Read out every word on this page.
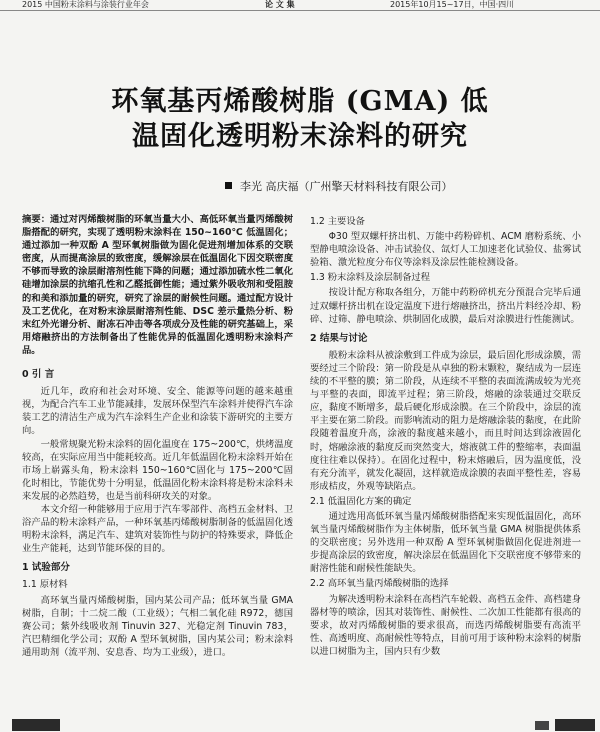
2015 中国粉末涂料与涂装行业年会	论 文 集	2015年10月15~17日，中国·四川
环氧基丙烯酸树脂 (GMA) 低
温固化透明粉末涂料的研究
李光 高庆福（广州擎天材料科技有限公司）

摘要：通过对丙烯酸树脂的环氧当量大小、高低环氧当量丙烯酸树脂搭配的研究，实现了透明粉末涂料在 150~160℃ 低温固化；通过添加一种双酚 A 型环氧树脂做为固化促进剂增加体系的交联密度，从而提高涂层的致密度，缓解涂层在低温固化下因交联密度不够而导致的涂层耐溶剂性能下降的问题；通过添加硫水性二氧化硅增加涂层的抗缩孔性和乙醛抵御性能；通过紫外吸收剂和受阻胺的和美和添加量的研究，研究了涂层的耐候性问题。通过配方设计及工艺优化，在对粉末涂层耐溶剂性能、DSC 差示量热分析、粉末红外光谱分析、耐冻石冲击等各项成分及性能的研究基础上，采用熔融挤出的方法制备出了性能优异的低温固化透明粉末涂料产品。

0 引 言

近几年，政府和社会对环境、安全、能源等问题的越来越重视，为配合汽车工业节能减排，发展环保型汽车涂料并使得汽车涂装工艺的清洁生产成为汽车涂料生产企业和涂装下游研究的主要方向。

一般常规聚光粉末涂料的固化温度在 175~200℃，烘烤温度较高，在实际应用当中能耗较高。近几年低温固化粉末涂料开始在市场上崭露头角，粉末涂料 150~160℃固化与 175~200℃固化时相比，节能优势十分明显，低温固化粉末涂料将是粉末涂料未来发展的必然趋势，也是当前科研攻关的对象。

本文介绍一种能够用于应用于汽车零部件、高档五金材料、卫浴产品的粉末涂料产品，一种环氧基丙烯酸树脂制备的低温固化透明粉末涂料，满足汽车、建筑对装饰性与防护的特殊要求，降低企业生产能耗，达到节能环保的目的。

1 试验部分

1.1 原材料

高环氧当量丙烯酸树脂，国内某公司产品；低环氧当量 GMA 树脂，自制；十二烷二酸（工业级）；气相二氧化硅 R972，德国赛公司；紫外线吸收剂 Tinuvin 327、光稳定剂 Tinuvin 783，汽巴精细化学公司；双酚 A 型环氧树脂，国内某公司；粉末涂料通用助剂（流平剂、安息香、均为工业级），进口。

1.2 主要设备

Φ30 型双螺杆挤出机、万能中药粉碎机、ACM 磨粉系统、小型静电喷涂设备、冲击试验仪、氙灯人工加速老化试验仪、盐雾试验箱、激光粒度分布仪等涂料及涂层性能检测设备。

1.3 粉末涂料及涂层制备过程

按设计配方称取各组分，万能中药粉碎机充分预混合完毕后通过双螺杆挤出机在设定温度下进行熔融挤出，挤出片料经冷却、粉碎、过筛、静电喷涂、烘制固化成膜，最后对涂膜进行性能测试。

2 结果与讨论

般粉末涂料从被涂敷到工件成为涂层，最后固化形成涂膜，需要经过三个阶段：第一阶段是从卓独的粉末颗粒，聚结成为一层连续的不平整的膜；第二阶段，从连续不平整的表面流满成较为光亮与平整的表面，即流平过程；第三阶段，熔融的涂装通过交联反应，黏度不断增多，最后硬化形成涂膜。在三个阶段中，涂层的流平主要在第二阶段。而影响流动的阻力是熔融涂装的黏度，在此阶段随着温度升高，涂液的黏度越来越小，而且时间达到涂液固化时，熔融涂液的黏度反而突然变大，熔液就工件的整缩率，表面温度往往难以保持）。在固化过程中，粉末熔融后，因为温度低，没有充分流平，就发化凝固，这样就造成涂膜的表面平整性差，容易形成桔皮，外观等缺陷点。

2.1 低温固化方案的确定

通过选用高低环氧当量丙烯酸树脂搭配来实现低温固化，高环氧当量丙烯酸树脂作为主体树脂，低环氧当量 GMA 树脂提供体系的交联密度；另外选用一种双酚 A 型环氧树脂做固化促进剂进一步提高涂层的致密度，解决涂层在低温固化下交联密度不够带来的耐溶性能和耐候性能缺失。

2.2 高环氧当量丙烯酸树脂的选择

为解决透明粉末涂料在高档汽车轮毂、高档五金件、高档建身器材等的喷涂，因其对装饰性、耐候性、二次加工性能都有很高的要求，故对丙烯酸树脂的要求很高，而选丙烯酸树脂要有高流平性、高透明度、高耐候性等特点，目前可用于该种粉末涂料的树脂以进口树脂为主，国内只有少数
